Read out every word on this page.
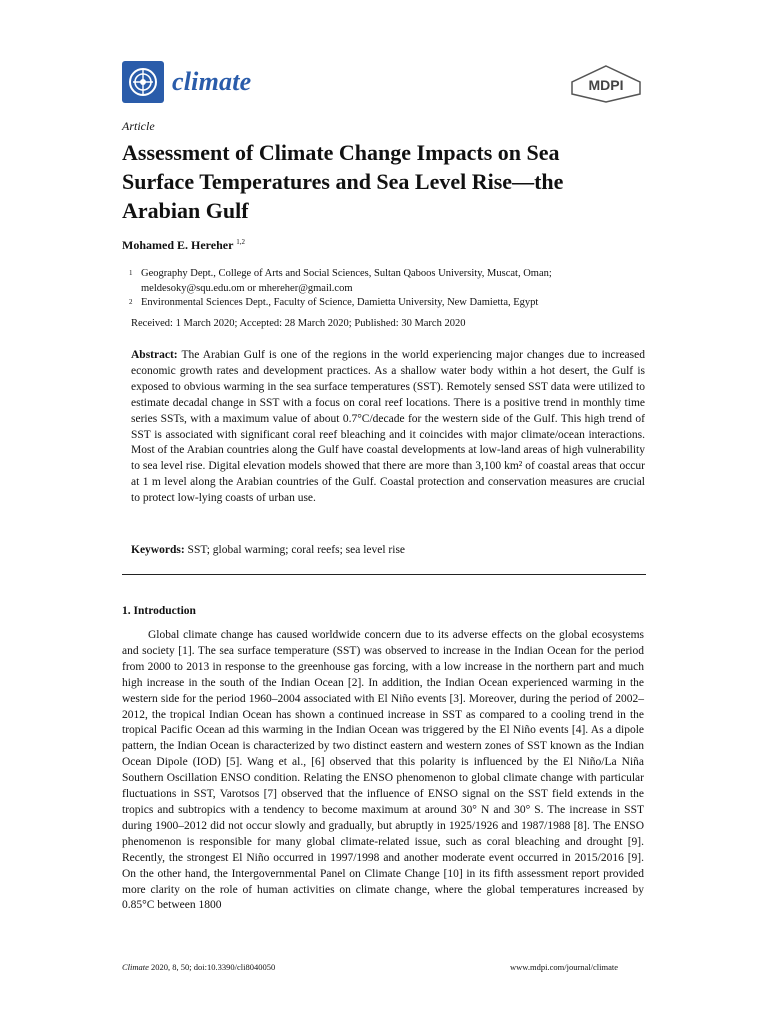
climate	MDPI
Article
Assessment of Climate Change Impacts on Sea Surface Temperatures and Sea Level Rise—the Arabian Gulf
Mohamed E. Hereher $^{1,2}$
1 Geography Dept., College of Arts and Social Sciences, Sultan Qaboos University, Muscat, Oman; meldesoky@squ.edu.om or mhereher@gmail.com
2 Environmental Sciences Dept., Faculty of Science, Damietta University, New Damietta, Egypt
Received: 1 March 2020; Accepted: 28 March 2020; Published: 30 March 2020

Abstract: The Arabian Gulf is one of the regions in the world experiencing major changes due to increased economic growth rates and development practices. As a shallow water body within a hot desert, the Gulf is exposed to obvious warming in the sea surface temperatures (SST). Remotely sensed SST data were utilized to estimate decadal change in SST with a focus on coral reef locations. There is a positive trend in monthly time series SSTs, with a maximum value of about 0.7°C/decade for the western side of the Gulf. This high trend of SST is associated with significant coral reef bleaching and it coincides with major climate/ocean interactions. Most of the Arabian countries along the Gulf have coastal developments at low-land areas of high vulnerability to sea level rise. Digital elevation models showed that there are more than 3,100 km² of coastal areas that occur at 1 m level along the Arabian countries of the Gulf. Coastal protection and conservation measures are crucial to protect low-lying coasts of urban use.

Keywords: SST; global warming; coral reefs; sea level rise
1. Introduction

Global climate change has caused worldwide concern due to its adverse effects on the global ecosystems and society [1]. The sea surface temperature (SST) was observed to increase in the Indian Ocean for the period from 2000 to 2013 in response to the greenhouse gas forcing, with a low increase in the northern part and much high increase in the south of the Indian Ocean [2]. In addition, the Indian Ocean experienced warming in the western side for the period 1960–2004 associated with El Niño events [3]. Moreover, during the period of 2002–2012, the tropical Indian Ocean has shown a continued increase in SST as compared to a cooling trend in the tropical Pacific Ocean ad this warming in the Indian Ocean was triggered by the El Niño events [4]. As a dipole pattern, the Indian Ocean is characterized by two distinct eastern and western zones of SST known as the Indian Ocean Dipole (IOD) [5]. Wang et al., [6] observed that this polarity is influenced by the El Niño/La Niña Southern Oscillation ENSO condition. Relating the ENSO phenomenon to global climate change with particular fluctuations in SST, Varotsos [7] observed that the influence of ENSO signal on the SST field extends in the tropics and subtropics with a tendency to become maximum at around 30° N and 30° S. The increase in SST during 1900–2012 did not occur slowly and gradually, but abruptly in 1925/1926 and 1987/1988 [8]. The ENSO phenomenon is responsible for many global climate-related issue, such as coral bleaching and drought [9]. Recently, the strongest El Niño occurred in 1997/1998 and another moderate event occurred in 2015/2016 [9]. On the other hand, the Intergovernmental Panel on Climate Change [10] in its fifth assessment report provided more clarity on the role of human activities on climate change, where the global temperatures increased by 0.85°C between 1800

Climate 2020, 8, 50; doi:10.3390/cli8040050	www.mdpi.com/journal/climate
